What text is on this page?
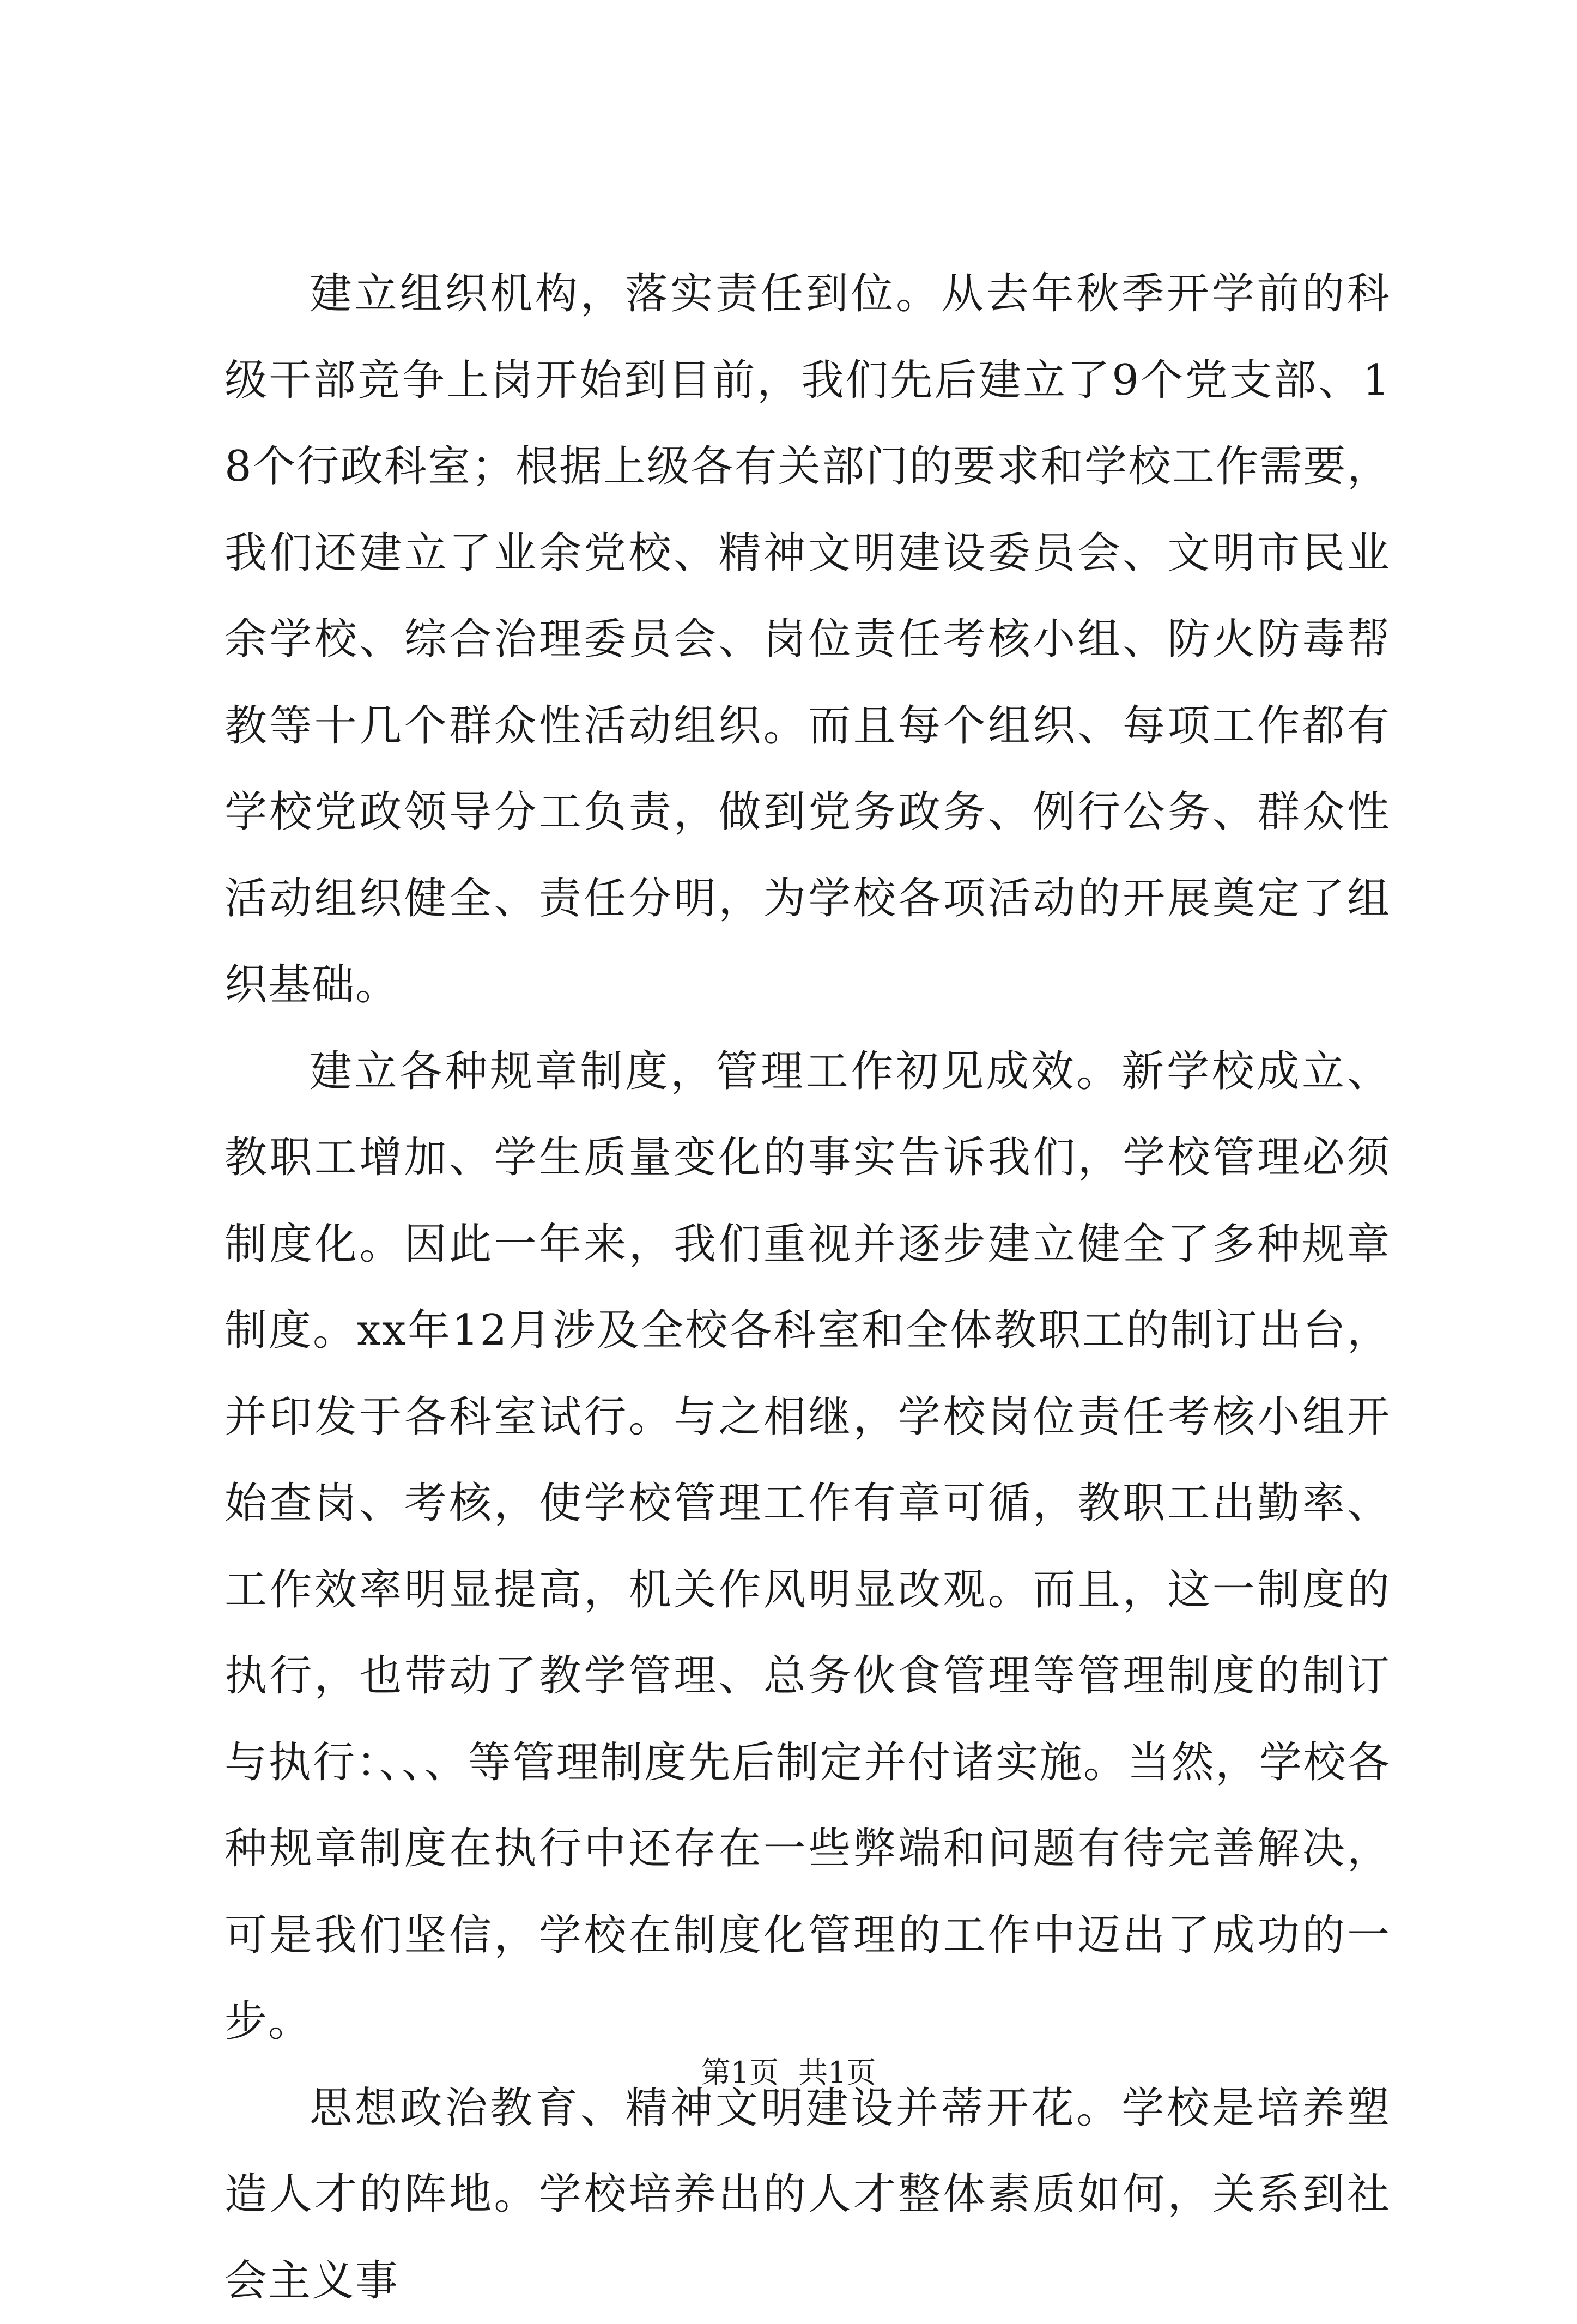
建立组织机构，落实责任到位。从去年秋季开学前的科级干部竞争上岗开始到目前，我们先后建立了9个党支部、18个行政科室；根据上级各有关部门的要求和学校工作需要，我们还建立了业余党校、精神文明建设委员会、文明市民业余学校、综合治理委员会、岗位责任考核小组、防火防毒帮教等十几个群众性活动组织。而且每个组织、每项工作都有学校党政领导分工负责，做到党务政务、例行公务、群众性活动组织健全、责任分明，为学校各项活动的开展奠定了组织基础。

建立各种规章制度，管理工作初见成效。新学校成立、教职工增加、学生质量变化的事实告诉我们，学校管理必须制度化。因此一年来，我们重视并逐步建立健全了多种规章制度。xx年12月涉及全校各科室和全体教职工的制订出台，并印发于各科室试行。与之相继，学校岗位责任考核小组开始查岗、考核，使学校管理工作有章可循，教职工出勤率、工作效率明显提高，机关作风明显改观。而且，这一制度的执行，也带动了教学管理、总务伙食管理等管理制度的制订与执行：、、、等管理制度先后制定并付诸实施。当然，学校各种规章制度在执行中还存在一些弊端和问题有待完善解决，可是我们坚信，学校在制度化管理的工作中迈出了成功的一步。

思想政治教育、精神文明建设并蒂开花。学校是培养塑造人才的阵地。学校培养出的人才整体素质如何，关系到社会主义事

第1页 共1页
